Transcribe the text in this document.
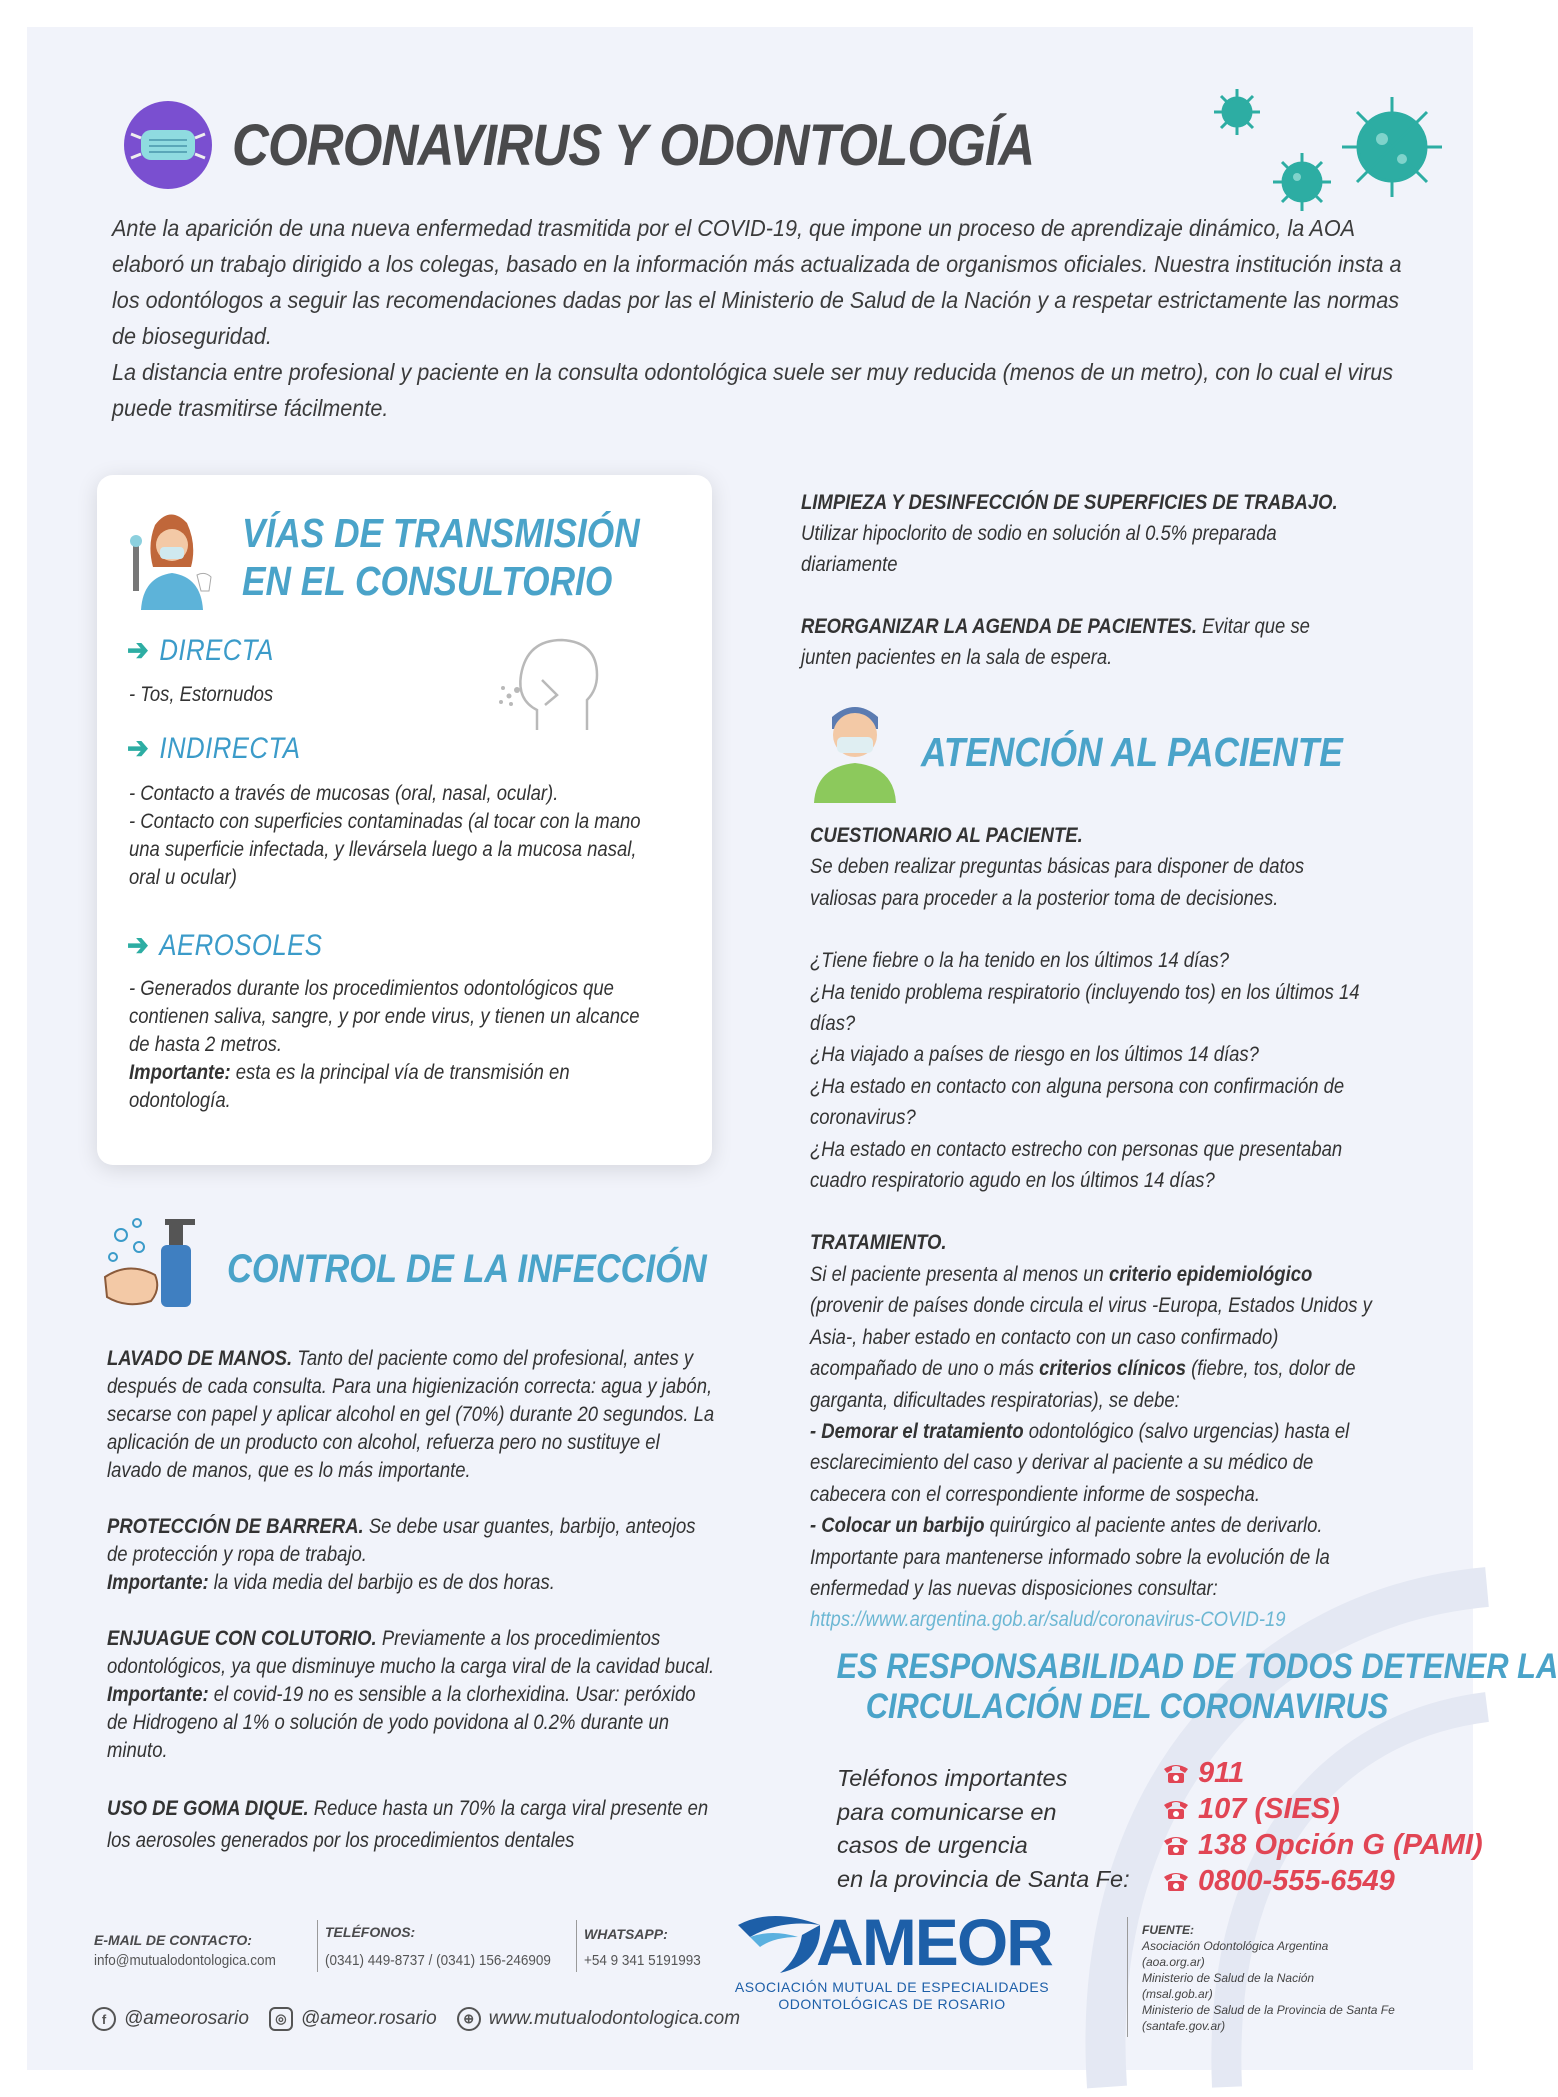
CORONAVIRUS Y ODONTOLOGÍA

Ante la aparición de una nueva enfermedad trasmitida por el COVID-19, que impone un proceso de aprendizaje dinámico, la AOA elaboró un trabajo dirigido a los colegas, basado en la información más actualizada de organismos oficiales. Nuestra institución insta a los odontólogos a seguir las recomendaciones dadas por las el Ministerio de Salud de la Nación y a respetar estrictamente las normas de bioseguridad.

La distancia entre profesional y paciente en la consulta odontológica suele ser muy reducida (menos de un metro), con lo cual el virus puede trasmitirse fácilmente.

VÍAS DE TRANSMISIÓN
EN EL CONSULTORIO
➔ DIRECTA
- Tos, Estornudos
➔ INDIRECTA
- Contacto a través de mucosas (oral, nasal, ocular).
- Contacto con superficies contaminadas (al tocar con la mano una superficie infectada, y llevársela luego a la mucosa nasal, oral u ocular)
➔ AEROSOLES
- Generados durante los procedimientos odontológicos que contienen saliva, sangre, y por ende virus, y tienen un alcance de hasta 2 metros.
Importante: esta es la principal vía de transmisión en odontología.
CONTROL DE LA INFECCIÓN
LAVADO DE MANOS. Tanto del paciente como del profesional, antes y después de cada consulta. Para una higienización correcta: agua y jabón, secarse con papel y aplicar alcohol en gel (70%) durante 20 segundos. La aplicación de un producto con alcohol, refuerza pero no sustituye el lavado de manos, que es lo más importante.
PROTECCIÓN DE BARRERA. Se debe usar guantes, barbijo, anteojos de protección y ropa de trabajo.
Importante: la vida media del barbijo es de dos horas.
ENJUAGUE CON COLUTORIO. Previamente a los procedimientos odontológicos, ya que disminuye mucho la carga viral de la cavidad bucal.
Importante: el covid-19 no es sensible a la clorhexidina. Usar: peróxido de Hidrogeno al 1% o solución de yodo povidona al 0.2% durante un minuto.
USO DE GOMA DIQUE. Reduce hasta un 70% la carga viral presente en los aerosoles generados por los procedimientos dentales
LIMPIEZA Y DESINFECCIÓN DE SUPERFICIES DE TRABAJO. Utilizar hipoclorito de sodio en solución al 0.5% preparada diariamente
REORGANIZAR LA AGENDA DE PACIENTES. Evitar que se junten pacientes en la sala de espera.
ATENCIÓN AL PACIENTE
CUESTIONARIO AL PACIENTE.
Se deben realizar preguntas básicas para disponer de datos valiosas para proceder a la posterior toma de decisiones.
¿Tiene fiebre o la ha tenido en los últimos 14 días?
¿Ha tenido problema respiratorio (incluyendo tos) en los últimos 14 días?
¿Ha viajado a países de riesgo en los últimos 14 días?
¿Ha estado en contacto con alguna persona con confirmación de coronavirus?
¿Ha estado en contacto estrecho con personas que presentaban cuadro respiratorio agudo en los últimos 14 días?
TRATAMIENTO.
Si el paciente presenta al menos un criterio epidemiológico (provenir de países donde circula el virus -Europa, Estados Unidos y Asia-, haber estado en contacto con un caso confirmado) acompañado de uno o más criterios clínicos (fiebre, tos, dolor de garganta, dificultades respiratorias), se debe:
- Demorar el tratamiento odontológico (salvo urgencias) hasta el esclarecimiento del caso y derivar al paciente a su médico de cabecera con el correspondiente informe de sospecha.
- Colocar un barbijo quirúrgico al paciente antes de derivarlo.
Importante para mantenerse informado sobre la evolución de la enfermedad y las nuevas disposiciones consultar:
https://www.argentina.gob.ar/salud/coronavirus-COVID-19
ES RESPONSABILIDAD DE TODOS DETENER LA
CIRCULACIÓN DEL CORONAVIRUS
Teléfonos importantes
para comunicarse en
casos de urgencia
en la provincia de Santa Fe:
911
107 (SIES)
138 Opción G (PAMI)
0800-555-6549
E-MAIL DE CONTACTO:
info@mutualodontologica.com
TELÉFONOS:
(0341) 449-8737 / (0341) 156-246909
WHATSAPP:
+54 9 341 5191993
f @ameorosario	◎ @ameor.rosario	⊕ www.mutualodontologica.com
AMEOR
ASOCIACIÓN MUTUAL DE ESPECIALIDADES
ODONTOLÓGICAS DE ROSARIO
FUENTE:
Asociación Odontológica Argentina
(aoa.org.ar)
Ministerio de Salud de la Nación
(msal.gob.ar)
Ministerio de Salud de la Provincia de Santa Fe
(santafe.gov.ar)
